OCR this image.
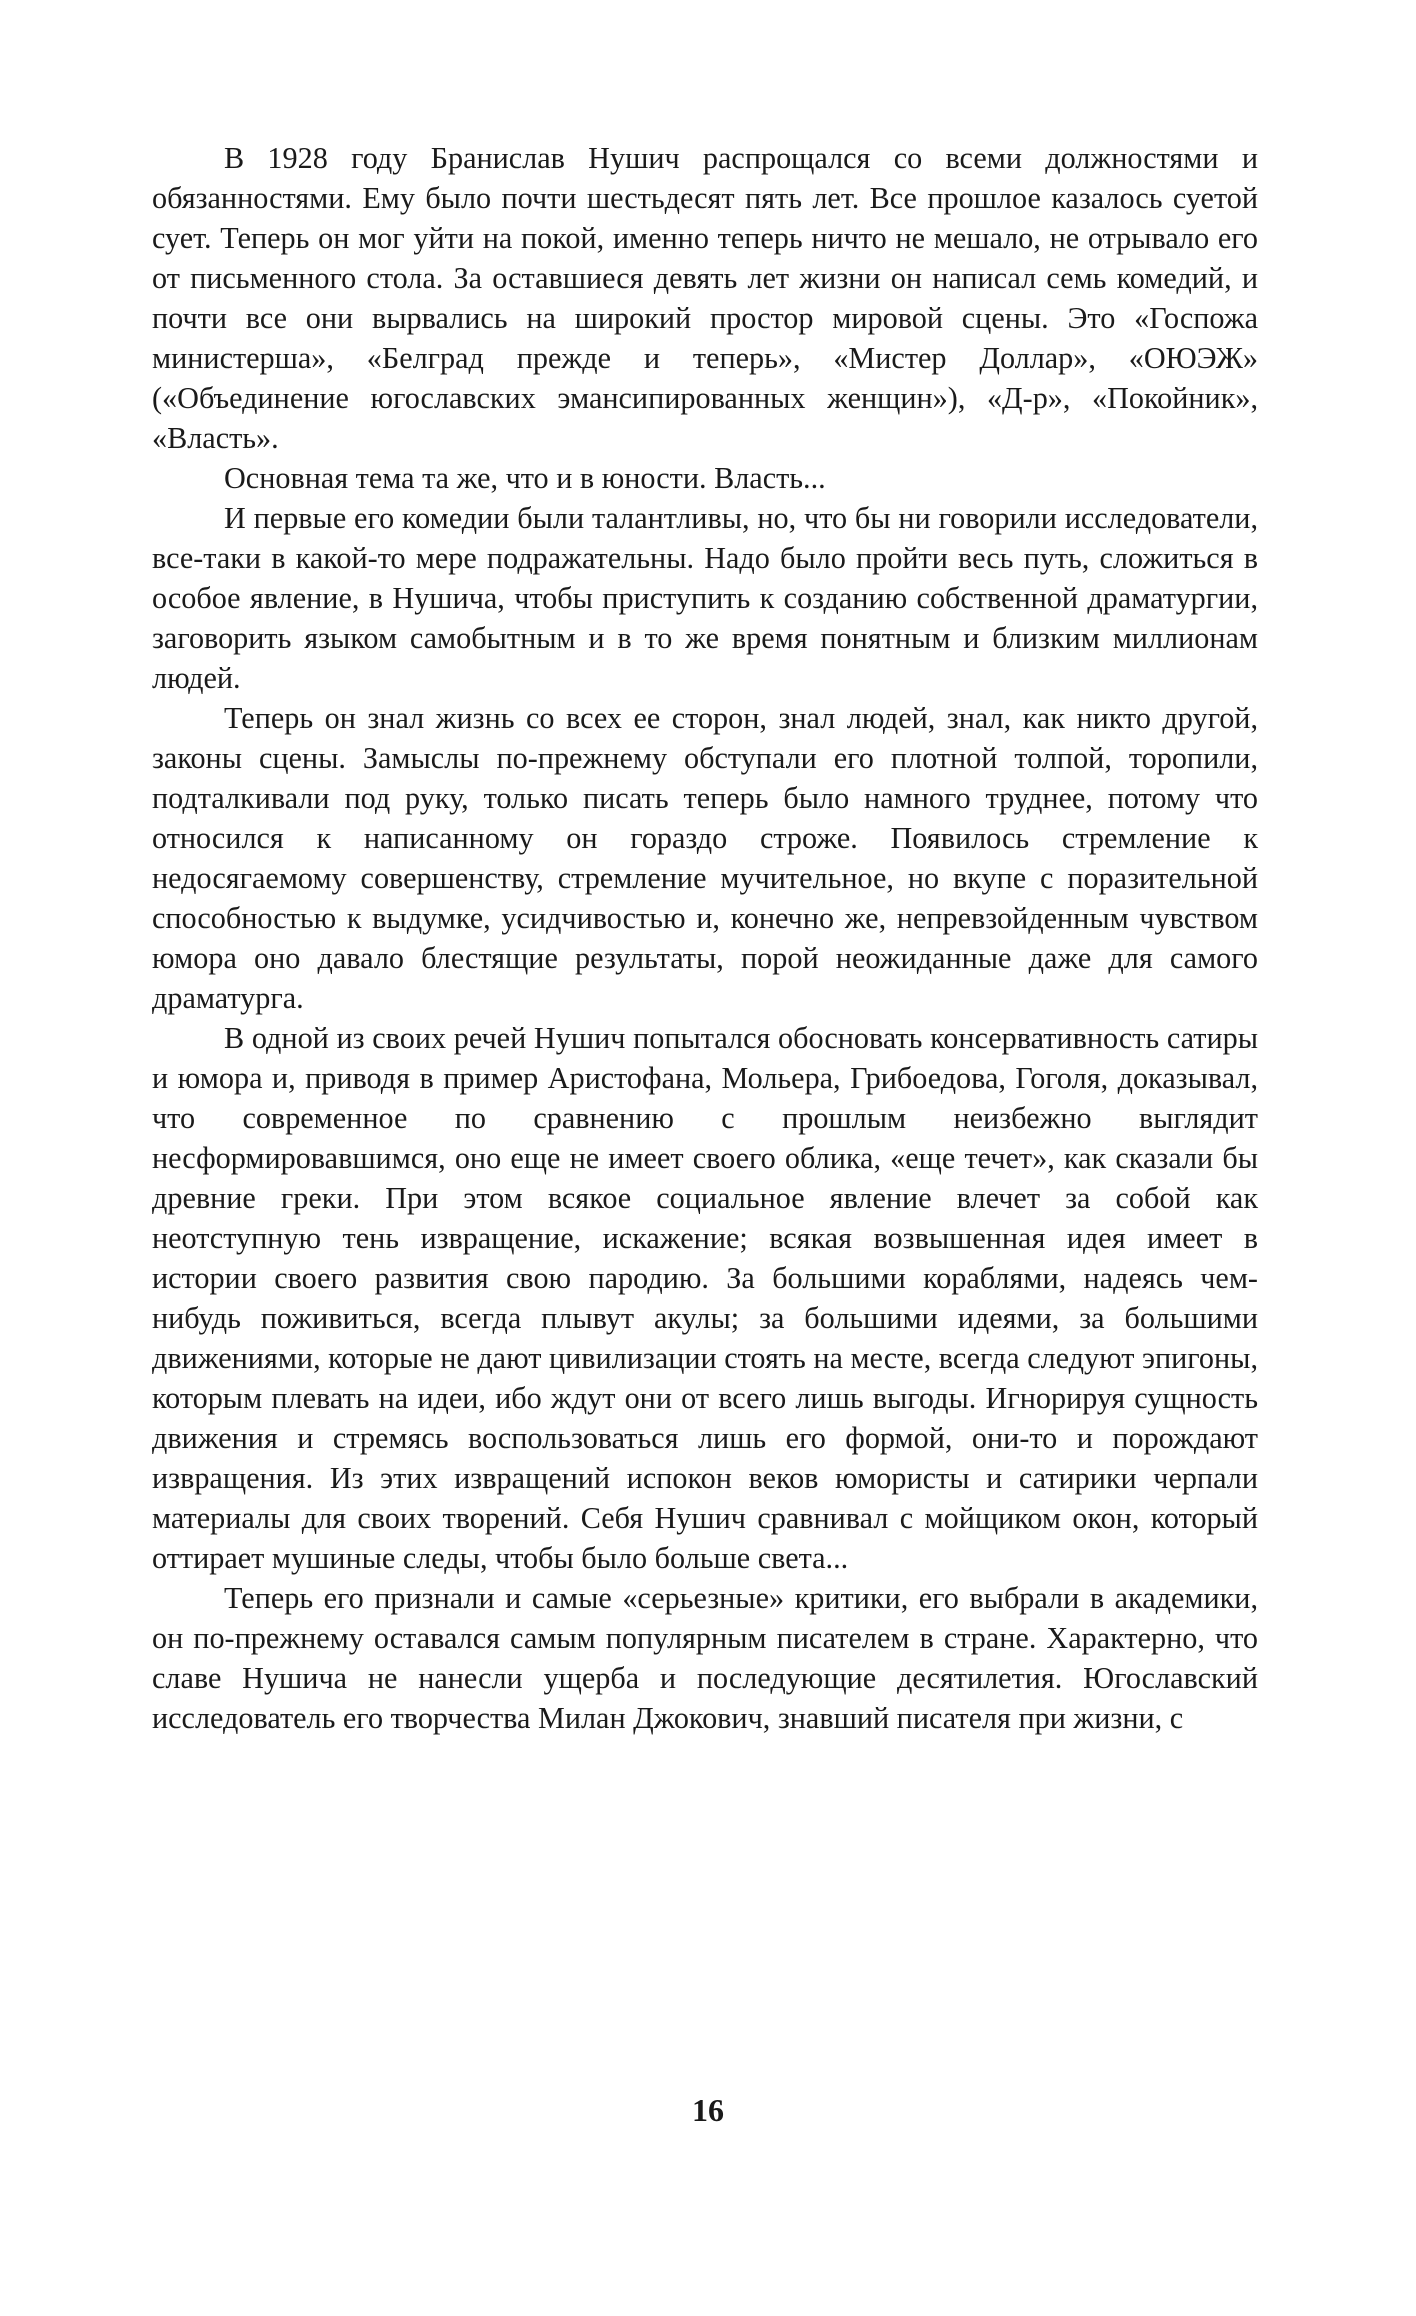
В 1928 году Бранислав Нушич распрощался со всеми должностями и обязанностями. Ему было почти шестьдесят пять лет. Все прошлое казалось суетой сует. Теперь он мог уйти на покой, именно теперь ничто не мешало, не отрывало его от письменного стола. За оставшиеся девять лет жизни он написал семь комедий, и почти все они вырвались на широкий простор мировой сцены. Это «Госпожа министерша», «Белград прежде и теперь», «Мистер Доллар», «ОЮЭЖ» («Объединение югославских эмансипированных женщин»), «Д-р», «Покойник», «Власть».

Основная тема та же, что и в юности. Власть...

И первые его комедии были талантливы, но, что бы ни говорили исследователи, все-таки в какой-то мере подражательны. Надо было пройти весь путь, сложиться в особое явление, в Нушича, чтобы приступить к созданию собственной драматургии, заговорить языком самобытным и в то же время понятным и близким миллионам людей.

Теперь он знал жизнь со всех ее сторон, знал людей, знал, как никто другой, законы сцены. Замыслы по-прежнему обступали его плотной толпой, торопили, подталкивали под руку, только писать теперь было намного труднее, потому что относился к написанному он гораздо строже. Появилось стремление к недосягаемому совершенству, стремление мучительное, но вкупе с поразительной способностью к выдумке, усидчивостью и, конечно же, непревзойденным чувством юмора оно давало блестящие результаты, порой неожиданные даже для самого драматурга.

В одной из своих речей Нушич попытался обосновать консервативность сатиры и юмора и, приводя в пример Аристофана, Мольера, Грибоедова, Гоголя, доказывал, что современное по сравнению с прошлым неизбежно выглядит несформировавшимся, оно еще не имеет своего облика, «еще течет», как сказали бы древние греки. При этом всякое социальное явление влечет за собой как неотступную тень извращение, искажение; всякая возвышенная идея имеет в истории своего развития свою пародию. За большими кораблями, надеясь чем-нибудь поживиться, всегда плывут акулы; за большими идеями, за большими движениями, которые не дают цивилизации стоять на месте, всегда следуют эпигоны, которым плевать на идеи, ибо ждут они от всего лишь выгоды. Игнорируя сущность движения и стремясь воспользоваться лишь его формой, они-то и порождают извращения. Из этих извращений испокон веков юмористы и сатирики черпали материалы для своих творений. Себя Нушич сравнивал с мойщиком окон, который оттирает мушиные следы, чтобы было больше света...

Теперь его признали и самые «серьезные» критики, его выбрали в академики, он по-прежнему оставался самым популярным писателем в стране. Характерно, что славе Нушича не нанесли ущерба и последующие десятилетия. Югославский исследователь его творчества Милан Джокович, знавший писателя при жизни, с

16
